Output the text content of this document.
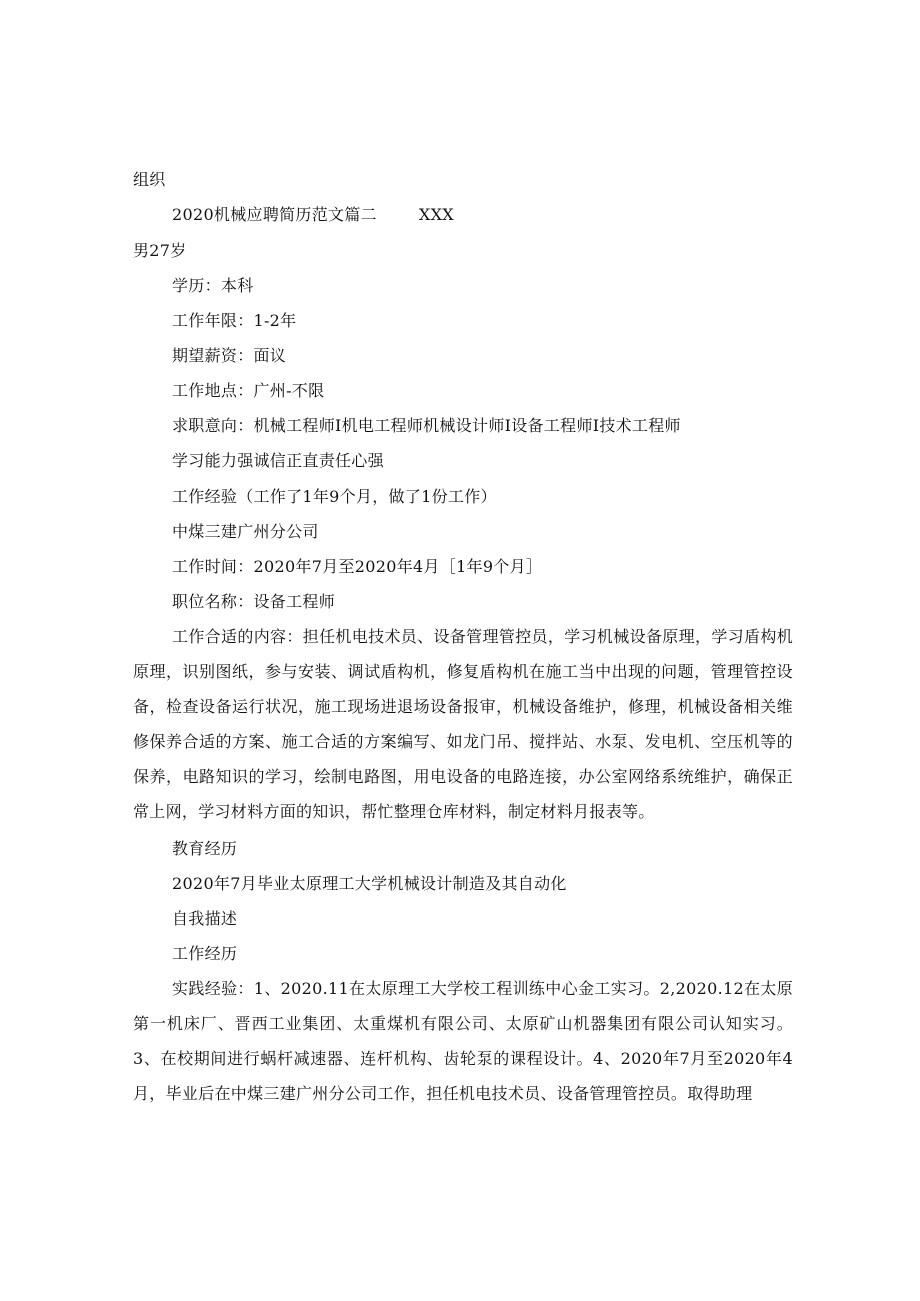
组织
2020机械应聘简历范文篇二	XXX
男27岁
学历：本科
工作年限：1-2年
期望薪资：面议
工作地点：广州-不限
求职意向：机械工程师I机电工程师机械设计师I设备工程师I技术工程师
学习能力强诚信正直责任心强
工作经验（工作了1年9个月，做了1份工作）
中煤三建广州分公司
工作时间：2020年7月至2020年4月［1年9个月］
职位名称：设备工程师
工作合适的内容：担任机电技术员、设备管理管控员，学习机械设备原理，学习盾构机原理，识别图纸，参与安装、调试盾构机，修复盾构机在施工当中出现的问题，管理管控设备，检查设备运行状况，施工现场进退场设备报审，机械设备维护，修理，机械设备相关维修保养合适的方案、施工合适的方案编写、如龙门吊、搅拌站、水泵、发电机、空压机等的保养，电路知识的学习，绘制电路图，用电设备的电路连接，办公室网络系统维护，确保正常上网，学习材料方面的知识，帮忙整理仓库材料，制定材料月报表等。
教育经历
2020年7月毕业太原理工大学机械设计制造及其自动化
自我描述
工作经历
实践经验：1、2020.11在太原理工大学校工程训练中心金工实习。2,2020.12在太原第一机床厂、晋西工业集团、太重煤机有限公司、太原矿山机器集团有限公司认知实习。3、在校期间进行蜗杆减速器、连杆机构、齿轮泵的课程设计。4、2020年7月至2020年4月，毕业后在中煤三建广州分公司工作，担任机电技术员、设备管理管控员。取得助理
